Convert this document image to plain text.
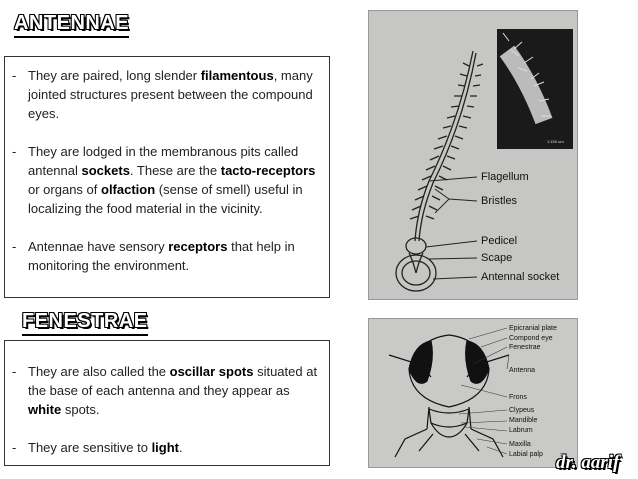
ANTENNAE
- They are paired, long slender filamentous, many jointed structures present between the compound eyes.
- They are lodged in the membranous pits called antennal sockets. These are the tacto-receptors or organs of olfaction (sense of smell) useful in localizing the food material in the vicinity.
- Antennae have sensory receptors that help in monitoring the environment.
FENESTRAE
- They are also called the oscillar spots situated at the base of each antenna and they appear as white spots.
- They are sensitive to light.
1:150 um
Flagellum
Bristles
Pedicel
Scape
Antennal socket
Epicranial plate
Compond eye
Fenestrae
Antenna
Frons
Clypeus
Mandible
Labrum
Maxilla
Labial palp dr. aarif
